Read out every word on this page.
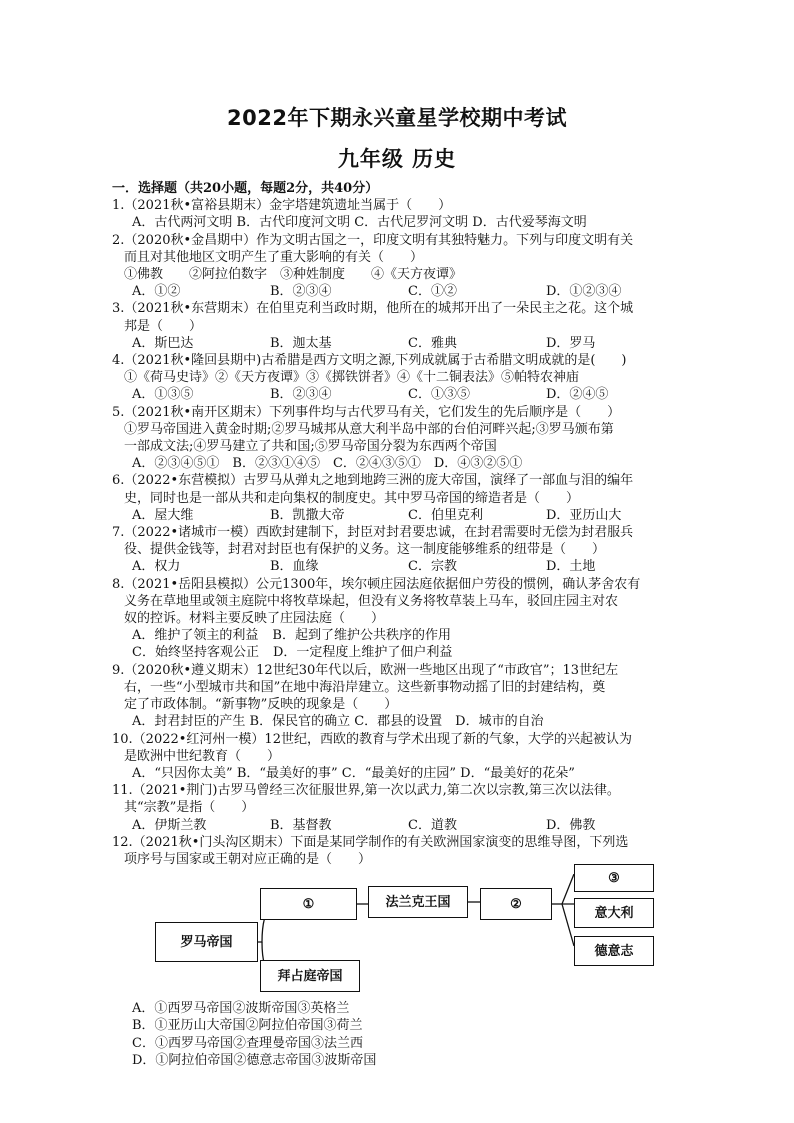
2022年下期永兴童星学校期中考试
九年级 历史
一．选择题（共20小题，每题2分，共40分）
1.（2021秋•富裕县期末）金字塔建筑遗址当属于（　　）
A．古代两河文明 B．古代印度河文明 C．古代尼罗河文明 D．古代爱琴海文明
2.（2020秋•金昌期中）作为文明古国之一，印度文明有其独特魅力。下列与印度文明有关
而且对其他地区文明产生了重大影响的有关（　　）
①佛教　　②阿拉伯数字　③种姓制度　　④《天方夜谭》
A．①②	B．②③④	C．①②	D．①②③④
3.（2021秋•东营期末）在伯里克利当政时期，他所在的城邦开出了一朵民主之花。这个城
邦是（　　）
A．斯巴达	B．迦太基	C．雅典	D．罗马
4.（2021秋•隆回县期中)古希腊是西方文明之源,下列成就属于古希腊文明成就的是(　　)
①《荷马史诗》②《天方夜谭》③《掷铁饼者》④《十二铜表法》⑤帕特农神庙
A．①③⑤	B．②③④	C．①③⑤	D．②④⑤
5.（2021秋•南开区期末）下列事件均与古代罗马有关，它们发生的先后顺序是（　　）
①罗马帝国进入黄金时期;②罗马城邦从意大利半岛中部的台伯河畔兴起;③罗马颁布第
一部成文法;④罗马建立了共和国;⑤罗马帝国分裂为东西两个帝国
A．②③④⑤①　B．②③①④⑤　C．②④③⑤①　D．④③②⑤①
6.（2022•东营模拟）古罗马从弹丸之地到地跨三洲的庞大帝国，演绎了一部血与泪的编年
史，同时也是一部从共和走向集权的制度史。其中罗马帝国的缔造者是（　　）
A．屋大维	B．凯撒大帝	C．伯里克利	D．亚历山大
7.（2022•诸城市一模）西欧封建制下，封臣对封君要忠诚，在封君需要时无偿为封君服兵
役、提供金钱等，封君对封臣也有保护的义务。这一制度能够维系的纽带是（　　）
A．权力	B．血缘	C．宗教	D．土地
8.（2021•岳阳县模拟）公元1300年，埃尔顿庄园法庭依据佃户劳役的惯例，确认茅舍农有
义务在草地里或领主庭院中将牧草垛起，但没有义务将牧草装上马车，驳回庄园主对农
奴的控诉。材料主要反映了庄园法庭（　　）
A．维护了领主的利益 B．起到了维护公共秩序的作用
C．始终坚持客观公正 D．一定程度上维护了佃户利益
9.（2020秋•遵义期末）12世纪30年代以后，欧洲一些地区出现了“市政官”；13世纪左
右，一些“小型城市共和国”在地中海沿岸建立。这些新事物动摇了旧的封建结构，奠
定了市政体制。“新事物”反映的现象是（　　）
A．封君封臣的产生 B．保民官的确立 C．郡县的设置　D．城市的自治
10.（2022•红河州一模）12世纪，西欧的教育与学术出现了新的气象，大学的兴起被认为
是欧洲中世纪教育（　　）
A．“只因你太美” B．“最美好的事” C．“最美好的庄园” D．“最美好的花朵”
11.（2021•荆门)古罗马曾经三次征服世界,第一次以武力,第二次以宗教,第三次以法律。
其“宗教”是指（　　）
A．伊斯兰教	B．基督教	C．道教	D．佛教
12.（2021秋•门头沟区期末）下面是某同学制作的有关欧洲国家演变的思维导图，下列选
项序号与国家或王朝对应正确的是（　　）
罗马帝国
①
拜占庭帝国
法兰克王国	②
③
意大利
德意志
A．①西罗马帝国②波斯帝国③英格兰
B．①亚历山大帝国②阿拉伯帝国③荷兰
C．①西罗马帝国②查理曼帝国③法兰西
D．①阿拉伯帝国②德意志帝国③波斯帝国
